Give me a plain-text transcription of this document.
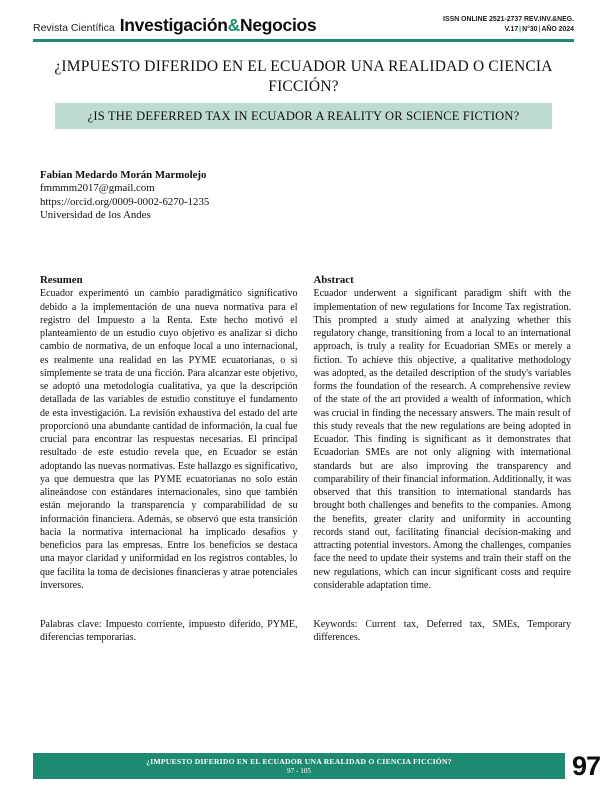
Revista Científica Investigación & Negocios	ISSN ONLINE 2521-2737 REV.INV.&NEG.
V.17|N°30|AÑO 2024
¿IMPUESTO DIFERIDO EN EL ECUADOR UNA REALIDAD O CIENCIA FICCIÓN?
¿IS THE DEFERRED TAX IN ECUADOR A REALITY OR SCIENCE FICTION?
Fabian Medardo Morán Marmolejo
fmmmm2017@gmail.com
https://orcid.org/0009-0002-6270-1235
Universidad de los Andes
Resumen

Ecuador experimentó un cambio paradigmático significativo debido a la implementación de una nueva normativa para el registro del Impuesto a la Renta. Este hecho motivó el planteamiento de un estudio cuyo objetivo es analizar si dicho cambio de normativa, de un enfoque local a uno internacional, es realmente una realidad en las PYME ecuatorianas, o si simplemente se trata de una ficción. Para alcanzar este objetivo, se adoptó una metodología cualitativa, ya que la descripción detallada de las variables de estudio constituye el fundamento de esta investigación. La revisión exhaustiva del estado del arte proporcionó una abundante cantidad de información, la cual fue crucial para encontrar las respuestas necesarias. El principal resultado de este estudio revela que, en Ecuador se están adoptando las nuevas normativas. Este hallazgo es significativo, ya que demuestra que las PYME ecuatorianas no solo están alineándose con estándares internacionales, sino que también están mejorando la transparencia y comparabilidad de su información financiera. Además, se observó que esta transición hacia la normativa internacional ha implicado desafíos y beneficios para las empresas. Entre los beneficios se destaca una mayor claridad y uniformidad en los registros contables, lo que facilita la toma de decisiones financieras y atrae potenciales inversores.

Palabras clave: Impuesto corriente, impuesto diferido, PYME, diferencias temporarias.

Abstract

Ecuador underwent a significant paradigm shift with the implementation of new regulations for Income Tax registration. This prompted a study aimed at analyzing whether this regulatory change, transitioning from a local to an international approach, is truly a reality for Ecuadorian SMEs or merely a fiction. To achieve this objective, a qualitative methodology was adopted, as the detailed description of the study's variables forms the foundation of the research. A comprehensive review of the state of the art provided a wealth of information, which was crucial in finding the necessary answers. The main result of this study reveals that the new regulations are being adopted in Ecuador. This finding is significant as it demonstrates that Ecuadorian SMEs are not only aligning with international standards but are also improving the transparency and comparability of their financial information. Additionally, it was observed that this transition to international standards has brought both challenges and benefits to the companies. Among the benefits, greater clarity and uniformity in accounting records stand out, facilitating financial decision-making and attracting potential investors. Among the challenges, companies face the need to update their systems and train their staff on the new regulations, which can incur significant costs and require considerable adaptation time.

Keywords: Current tax, Deferred tax, SMEs, Temporary differences.

¿IMPUESTO DIFERIDO EN EL ECUADOR UNA REALIDAD O CIENCIA FICCIÓN?
97 - 105	97
